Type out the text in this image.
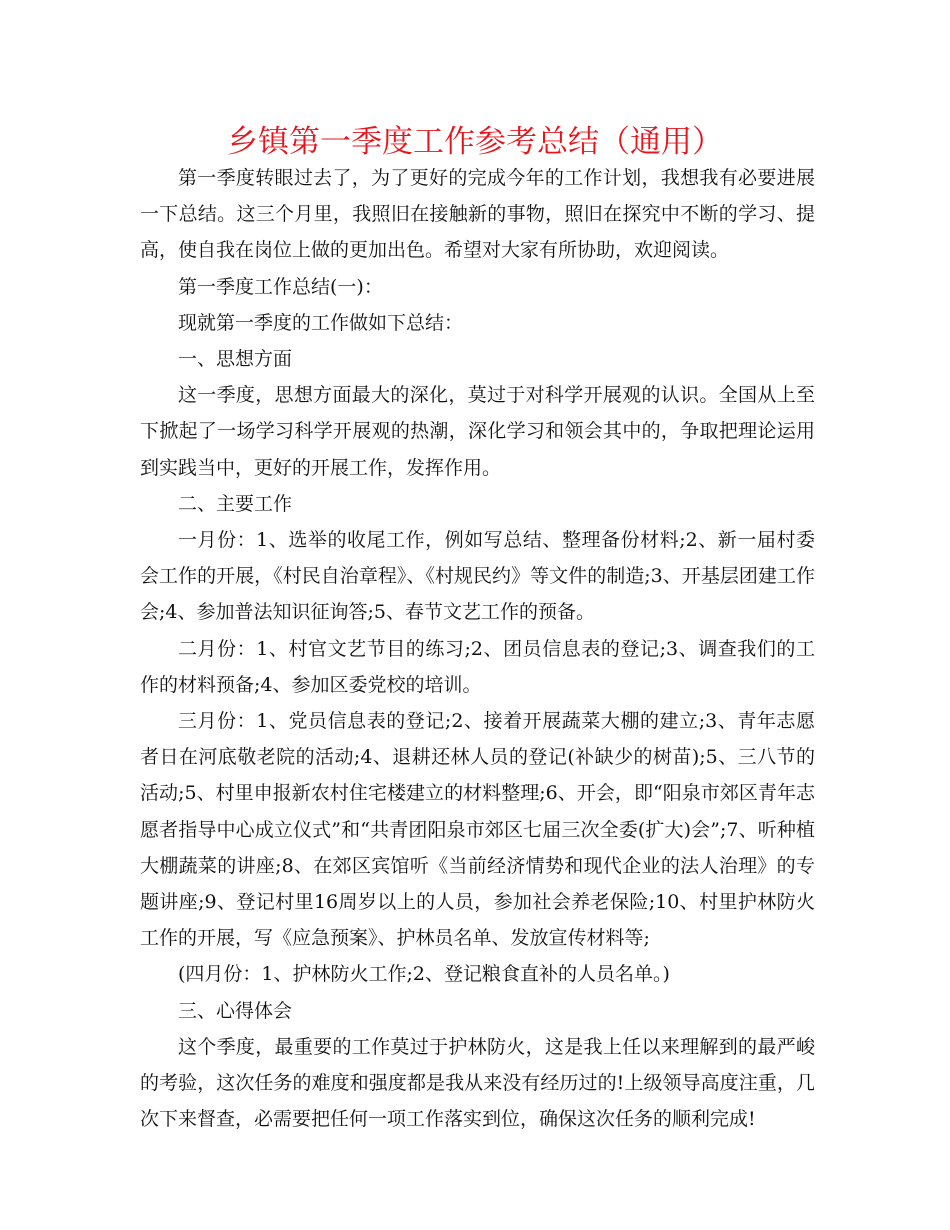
乡镇第一季度工作参考总结（通用）

第一季度转眼过去了，为了更好的完成今年的工作计划，我想我有必要进展一下总结。这三个月里，我照旧在接触新的事物，照旧在探究中不断的学习、提高，使自我在岗位上做的更加出色。希望对大家有所协助，欢迎阅读。

第一季度工作总结(一)：

现就第一季度的工作做如下总结：

一、思想方面

这一季度，思想方面最大的深化，莫过于对科学开展观的认识。全国从上至下掀起了一场学习科学开展观的热潮，深化学习和领会其中的，争取把理论运用到实践当中，更好的开展工作，发挥作用。

二、主要工作

一月份：1、选举的收尾工作，例如写总结、整理备份材料;2、新一届村委会工作的开展，《村民自治章程》、《村规民约》等文件的制造;3、开基层团建工作会;4、参加普法知识征询答;5、春节文艺工作的预备。

二月份：1、村官文艺节目的练习;2、团员信息表的登记;3、调查我们的工作的材料预备;4、参加区委党校的培训。

三月份：1、党员信息表的登记;2、接着开展蔬菜大棚的建立;3、青年志愿者日在河底敬老院的活动;4、退耕还林人员的登记(补缺少的树苗);5、三八节的活动;5、村里申报新农村住宅楼建立的材料整理;6、开会，即“阳泉市郊区青年志愿者指导中心成立仪式”和“共青团阳泉市郊区七届三次全委(扩大)会”;7、听种植大棚蔬菜的讲座;8、在郊区宾馆听《当前经济情势和现代企业的法人治理》的专题讲座;9、登记村里16周岁以上的人员，参加社会养老保险;10、村里护林防火工作的开展，写《应急预案》、护林员名单、发放宣传材料等;

(四月份：1、护林防火工作;2、登记粮食直补的人员名单。)

三、心得体会

这个季度，最重要的工作莫过于护林防火，这是我上任以来理解到的最严峻的考验，这次任务的难度和强度都是我从来没有经历过的!上级领导高度注重，几次下来督查，必需要把任何一项工作落实到位，确保这次任务的顺利完成!
